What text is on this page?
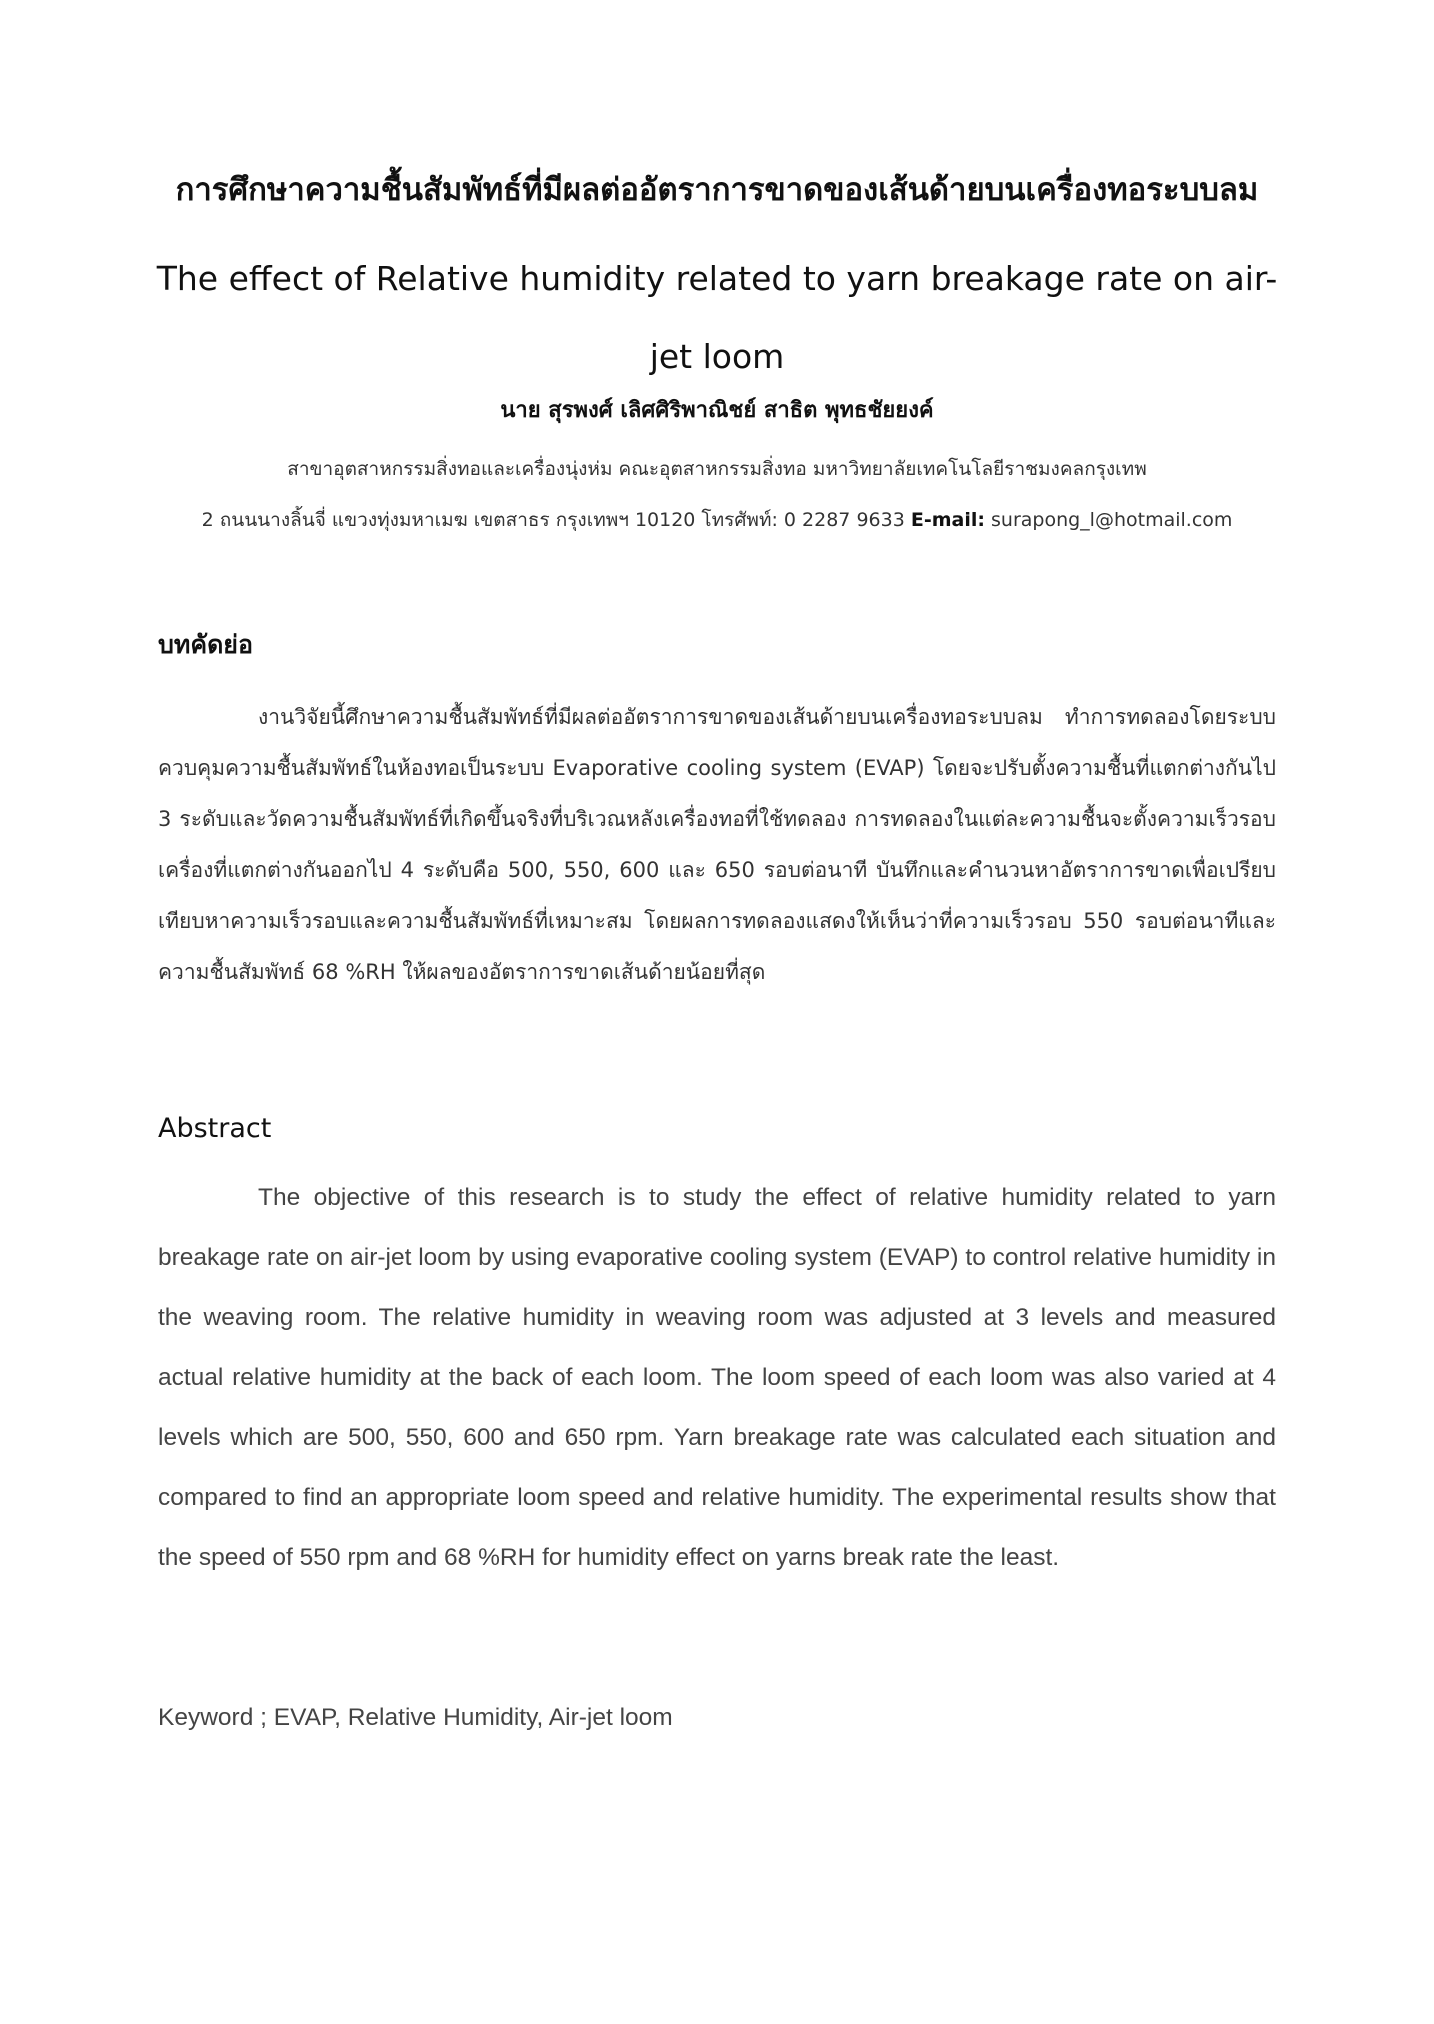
การศึกษาความชื้นสัมพัทธ์ที่มีผลต่ออัตราการขาดของเส้นด้ายบนเครื่องทอระบบลม
The effect of Relative humidity related to yarn breakage rate on air-jet loom
นาย สุรพงศ์ เลิศศิริพาณิชย์ สาธิต พุทธชัยยงค์
สาขาอุตสาหกรรมสิ่งทอและเครื่องนุ่งห่ม คณะอุตสาหกรรมสิ่งทอ มหาวิทยาลัยเทคโนโลยีราชมงคลกรุงเทพ
2 ถนนนางลิ้นจี่ แขวงทุ่งมหาเมฆ เขตสาธร กรุงเทพฯ 10120 โทรศัพท์: 0 2287 9633 E-mail: surapong_l@hotmail.com
บทคัดย่อ
งานวิจัยนี้ศึกษาความชื้นสัมพัทธ์ที่มีผลต่ออัตราการขาดของเส้นด้ายบนเครื่องทอระบบลม ทำการทดลองโดยระบบควบคุมความชื้นสัมพัทธ์ในห้องทอเป็นระบบ Evaporative cooling system (EVAP) โดยจะปรับตั้งความชื้นที่แตกต่างกันไป 3 ระดับและวัดความชื้นสัมพัทธ์ที่เกิดขึ้นจริงที่บริเวณหลังเครื่องทอที่ใช้ทดลอง การทดลองในแต่ละความชื้นจะตั้งความเร็วรอบเครื่องที่แตกต่างกันออกไป 4 ระดับคือ 500, 550, 600 และ 650 รอบต่อนาที บันทึกและคำนวนหาอัตราการขาดเพื่อเปรียบเทียบหาความเร็วรอบและความชื้นสัมพัทธ์ที่เหมาะสม โดยผลการทดลองแสดงให้เห็นว่าที่ความเร็วรอบ 550 รอบต่อนาทีและความชื้นสัมพัทธ์ 68 %RH ให้ผลของอัตราการขาดเส้นด้ายน้อยที่สุด
Abstract
The objective of this research is to study the effect of relative humidity related to yarn breakage rate on air-jet loom by using evaporative cooling system (EVAP) to control relative humidity in the weaving room. The relative humidity in weaving room was adjusted at 3 levels and measured actual relative humidity at the back of each loom. The loom speed of each loom was also varied at 4 levels which are 500, 550, 600 and 650 rpm. Yarn breakage rate was calculated each situation and compared to find an appropriate loom speed and relative humidity. The experimental results show that the speed of 550 rpm and 68 %RH for humidity effect on yarns break rate the least.
Keyword ; EVAP, Relative Humidity, Air-jet loom
